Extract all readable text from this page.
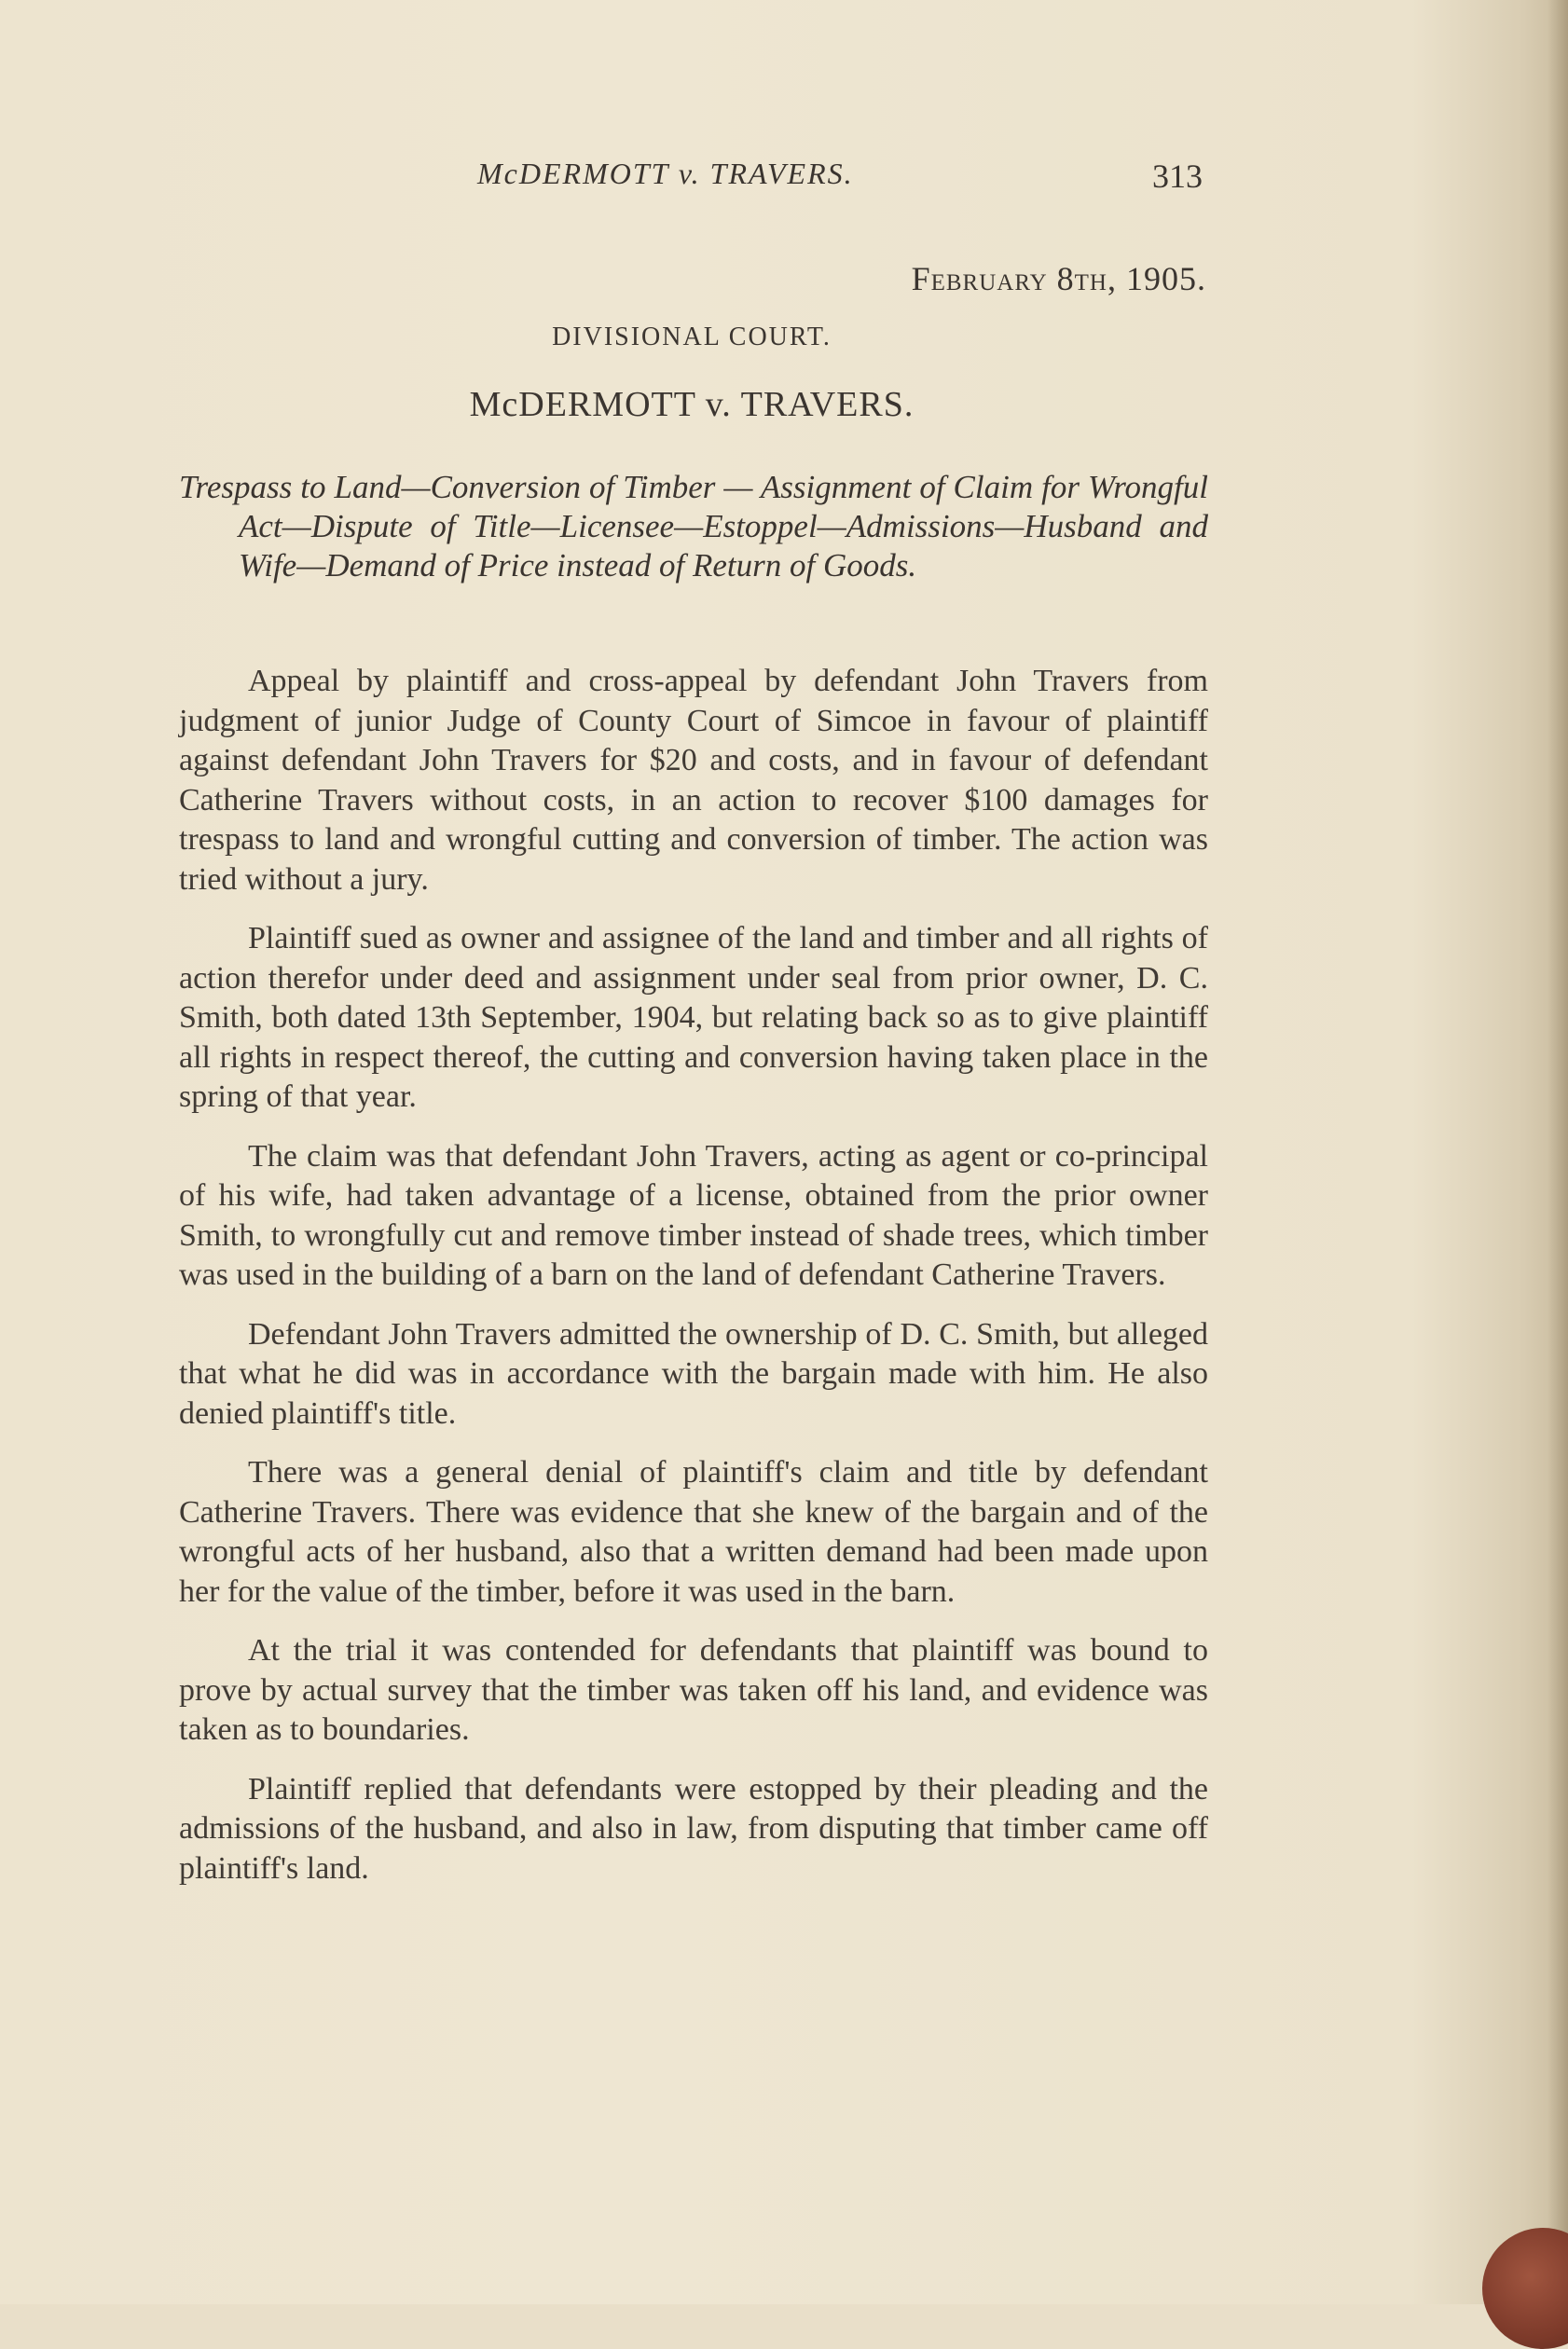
McDERMOTT v. TRAVERS.	313
February 8th, 1905.
DIVISIONAL COURT.
McDERMOTT v. TRAVERS.
Trespass to Land—Conversion of Timber — Assignment of Claim for Wrongful Act—Dispute of Title—Licensee—Estoppel—Admissions—Husband and Wife—Demand of Price instead of Return of Goods.

Appeal by plaintiff and cross-appeal by defendant John Travers from judgment of junior Judge of County Court of Simcoe in favour of plaintiff against defendant John Travers for $20 and costs, and in favour of defendant Catherine Travers without costs, in an action to recover $100 damages for trespass to land and wrongful cutting and conversion of timber. The action was tried without a jury.

Plaintiff sued as owner and assignee of the land and timber and all rights of action therefor under deed and assignment under seal from prior owner, D. C. Smith, both dated 13th September, 1904, but relating back so as to give plaintiff all rights in respect thereof, the cutting and conversion having taken place in the spring of that year.

The claim was that defendant John Travers, acting as agent or co-principal of his wife, had taken advantage of a license, obtained from the prior owner Smith, to wrongfully cut and remove timber instead of shade trees, which timber was used in the building of a barn on the land of defendant Catherine Travers.

Defendant John Travers admitted the ownership of D. C. Smith, but alleged that what he did was in accordance with the bargain made with him. He also denied plaintiff's title.

There was a general denial of plaintiff's claim and title by defendant Catherine Travers. There was evidence that she knew of the bargain and of the wrongful acts of her husband, also that a written demand had been made upon her for the value of the timber, before it was used in the barn.

At the trial it was contended for defendants that plaintiff was bound to prove by actual survey that the timber was taken off his land, and evidence was taken as to boundaries.

Plaintiff replied that defendants were estopped by their pleading and the admissions of the husband, and also in law, from disputing that timber came off plaintiff's land.
